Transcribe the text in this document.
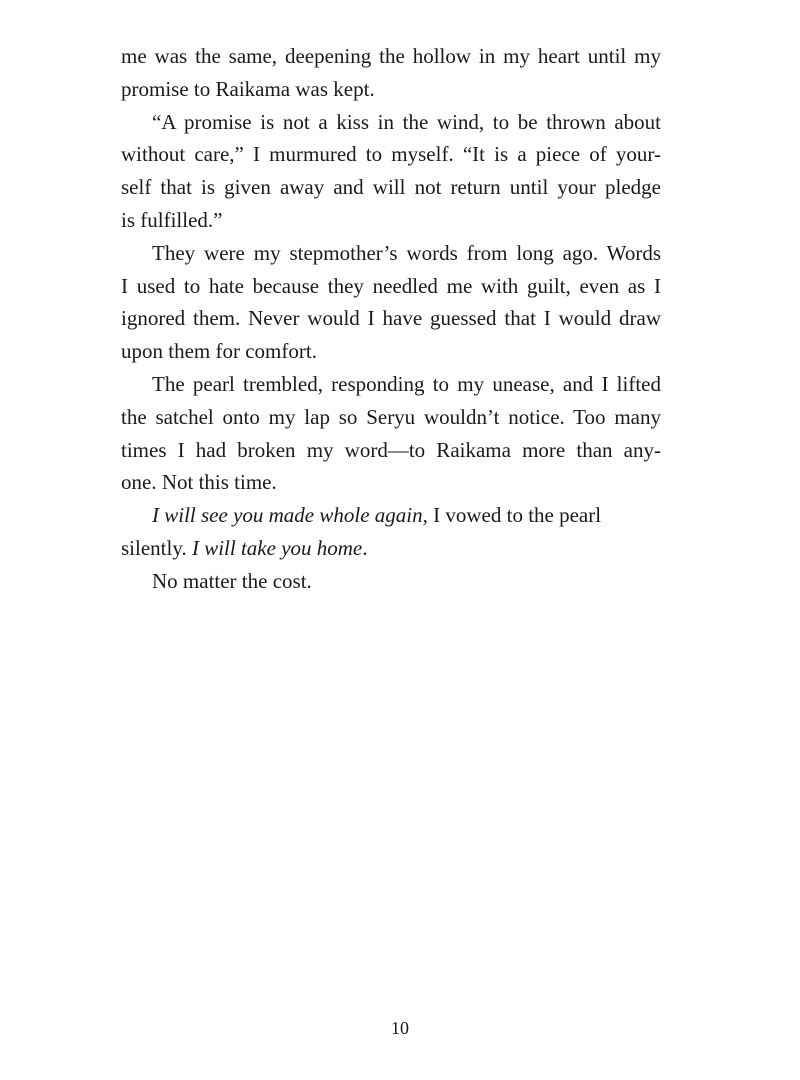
me was the same, deepening the hollow in my heart until my
promise to Raikama was kept.
“A promise is not a kiss in the wind, to be thrown about
without care,” I murmured to myself. “It is a piece of your-
self that is given away and will not return until your pledge
is fulfilled.”
They were my stepmother’s words from long ago. Words
I used to hate because they needled me with guilt, even as I
ignored them. Never would I have guessed that I would draw
upon them for comfort.
The pearl trembled, responding to my unease, and I lifted
the satchel onto my lap so Seryu wouldn’t notice. Too many
times I had broken my word—to Raikama more than any-
one. Not this time.
I will see you made whole again, I vowed to the pearl
silently. I will take you home.
No matter the cost.
10
